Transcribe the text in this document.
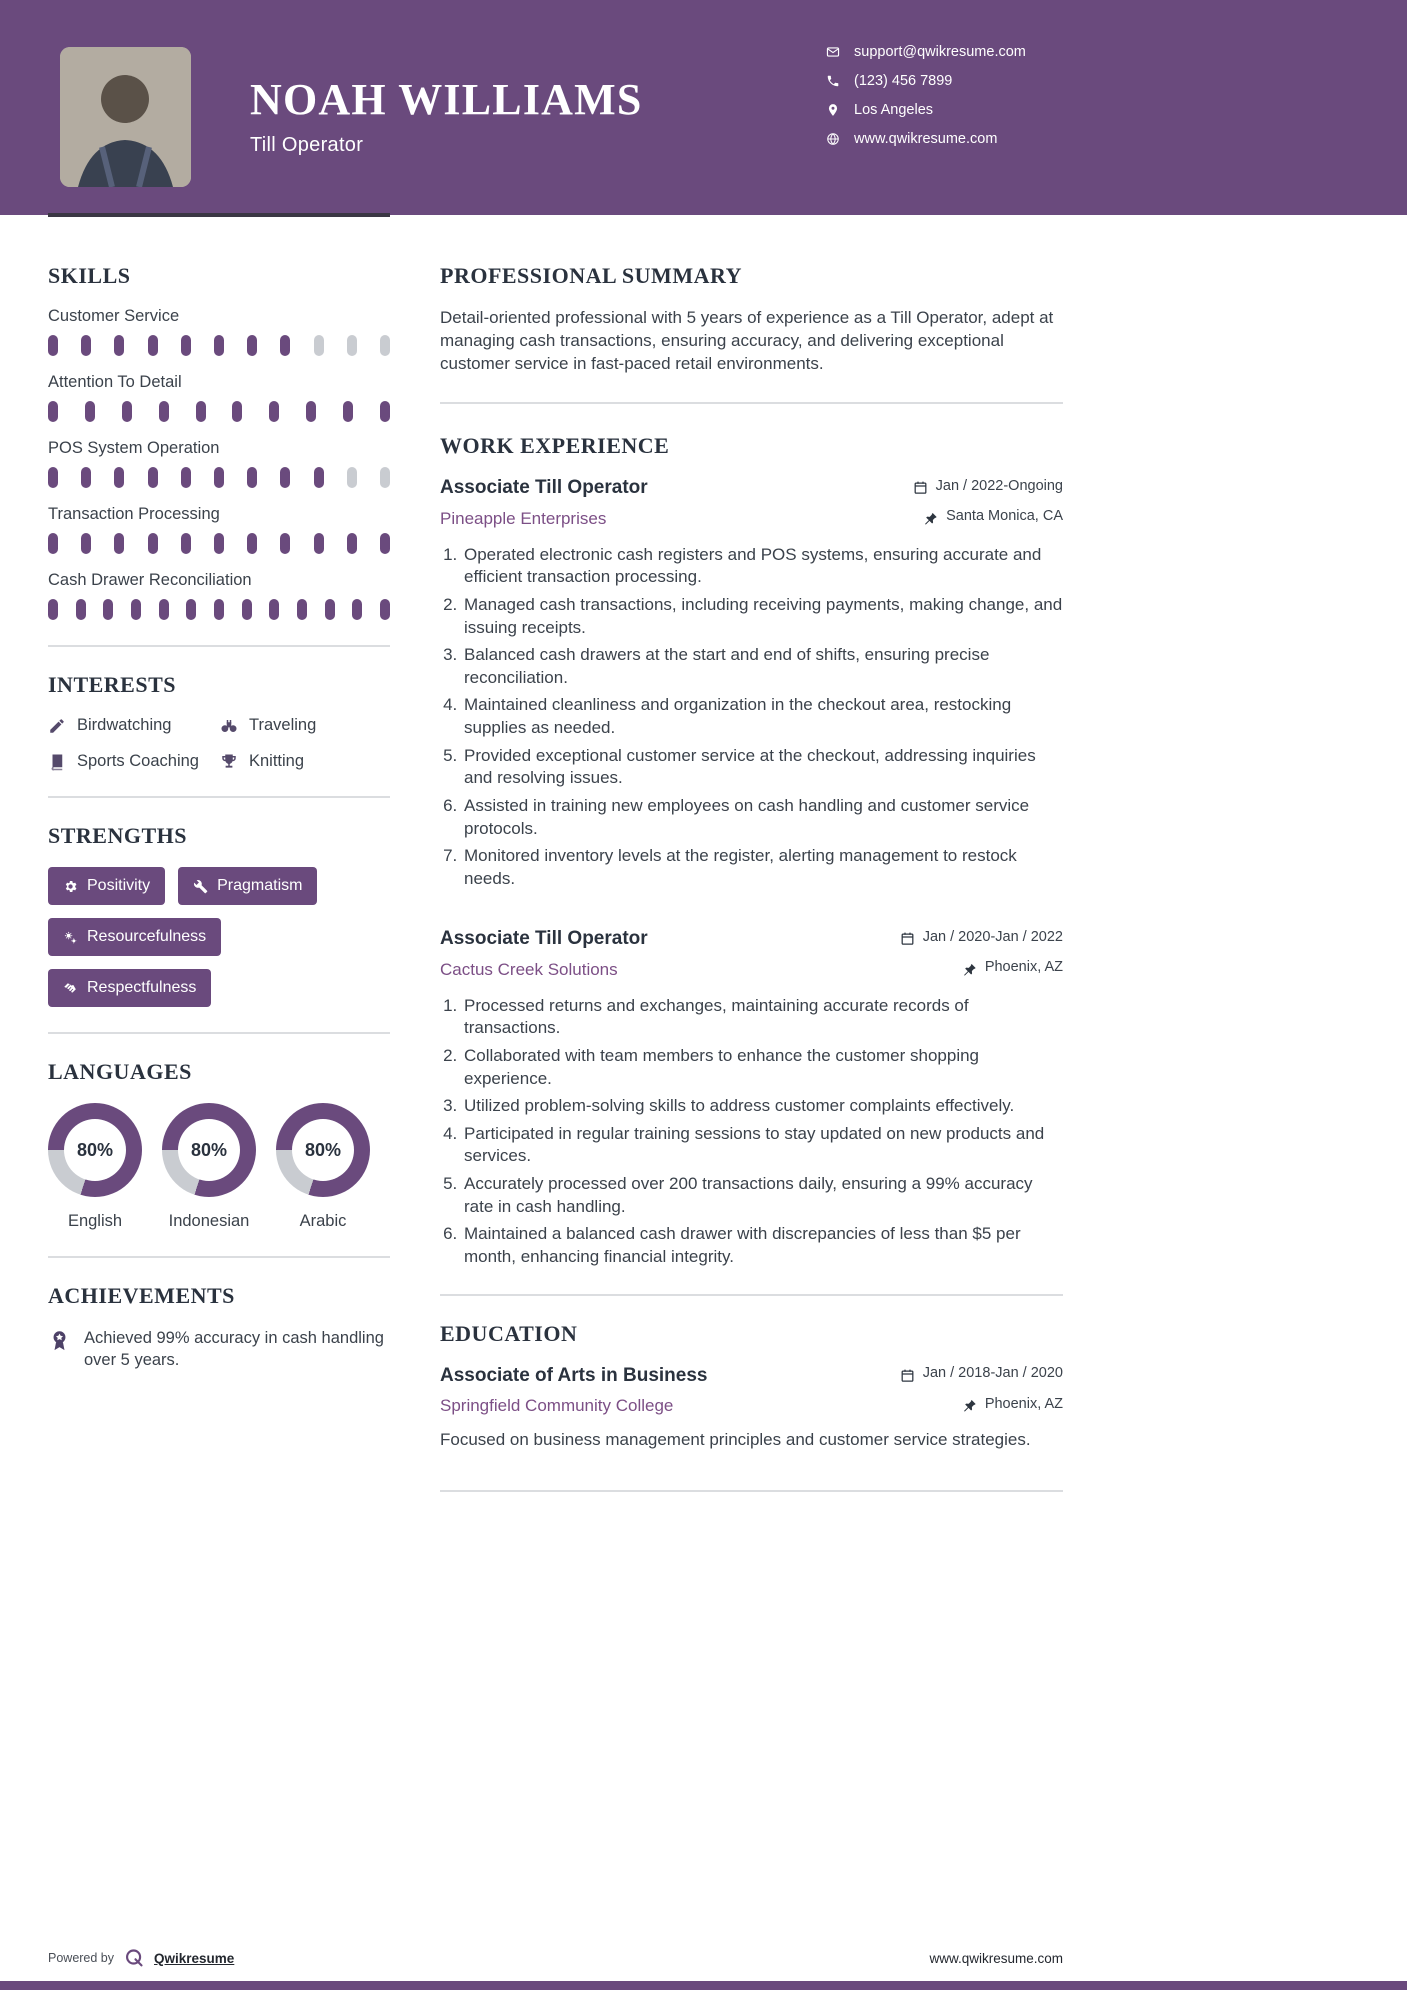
NOAH WILLIAMS
Till Operator
support@qwikresume.com
(123) 456 7899
Los Angeles
www.qwikresume.com
SKILLS
Customer Service
Attention To Detail
POS System Operation
Transaction Processing
Cash Drawer Reconciliation
INTERESTS
Birdwatching	Traveling
Sports Coaching	Knitting
STRENGTHS
Positivity	Pragmatism
Resourcefulness
Respectfulness
LANGUAGES
80%
English
80%
Indonesian
80%
Arabic
ACHIEVEMENTS
Achieved 99% accuracy in cash handling over 5 years.
PROFESSIONAL SUMMARY

Detail-oriented professional with 5 years of experience as a Till Operator, adept at managing cash transactions, ensuring accuracy, and delivering exceptional customer service in fast-paced retail environments.

WORK EXPERIENCE
Associate Till Operator	Jan / 2022-Ongoing
Pineapple Enterprises	Santa Monica, CA
1. Operated electronic cash registers and POS systems, ensuring accurate and efficient transaction processing.
2. Managed cash transactions, including receiving payments, making change, and issuing receipts.
3. Balanced cash drawers at the start and end of shifts, ensuring precise reconciliation.
4. Maintained cleanliness and organization in the checkout area, restocking supplies as needed.
5. Provided exceptional customer service at the checkout, addressing inquiries and resolving issues.
6. Assisted in training new employees on cash handling and customer service protocols.
7. Monitored inventory levels at the register, alerting management to restock needs.
Associate Till Operator	Jan / 2020-Jan / 2022
Cactus Creek Solutions	Phoenix, AZ
1. Processed returns and exchanges, maintaining accurate records of transactions.
2. Collaborated with team members to enhance the customer shopping experience.
3. Utilized problem-solving skills to address customer complaints effectively.
4. Participated in regular training sessions to stay updated on new products and services.
5. Accurately processed over 200 transactions daily, ensuring a 99% accuracy rate in cash handling.
6. Maintained a balanced cash drawer with discrepancies of less than $5 per month, enhancing financial integrity.
EDUCATION
Associate of Arts in Business	Jan / 2018-Jan / 2020
Springfield Community College	Phoenix, AZ

Focused on business management principles and customer service strategies.

Powered by	Qwikresume	www.qwikresume.com
